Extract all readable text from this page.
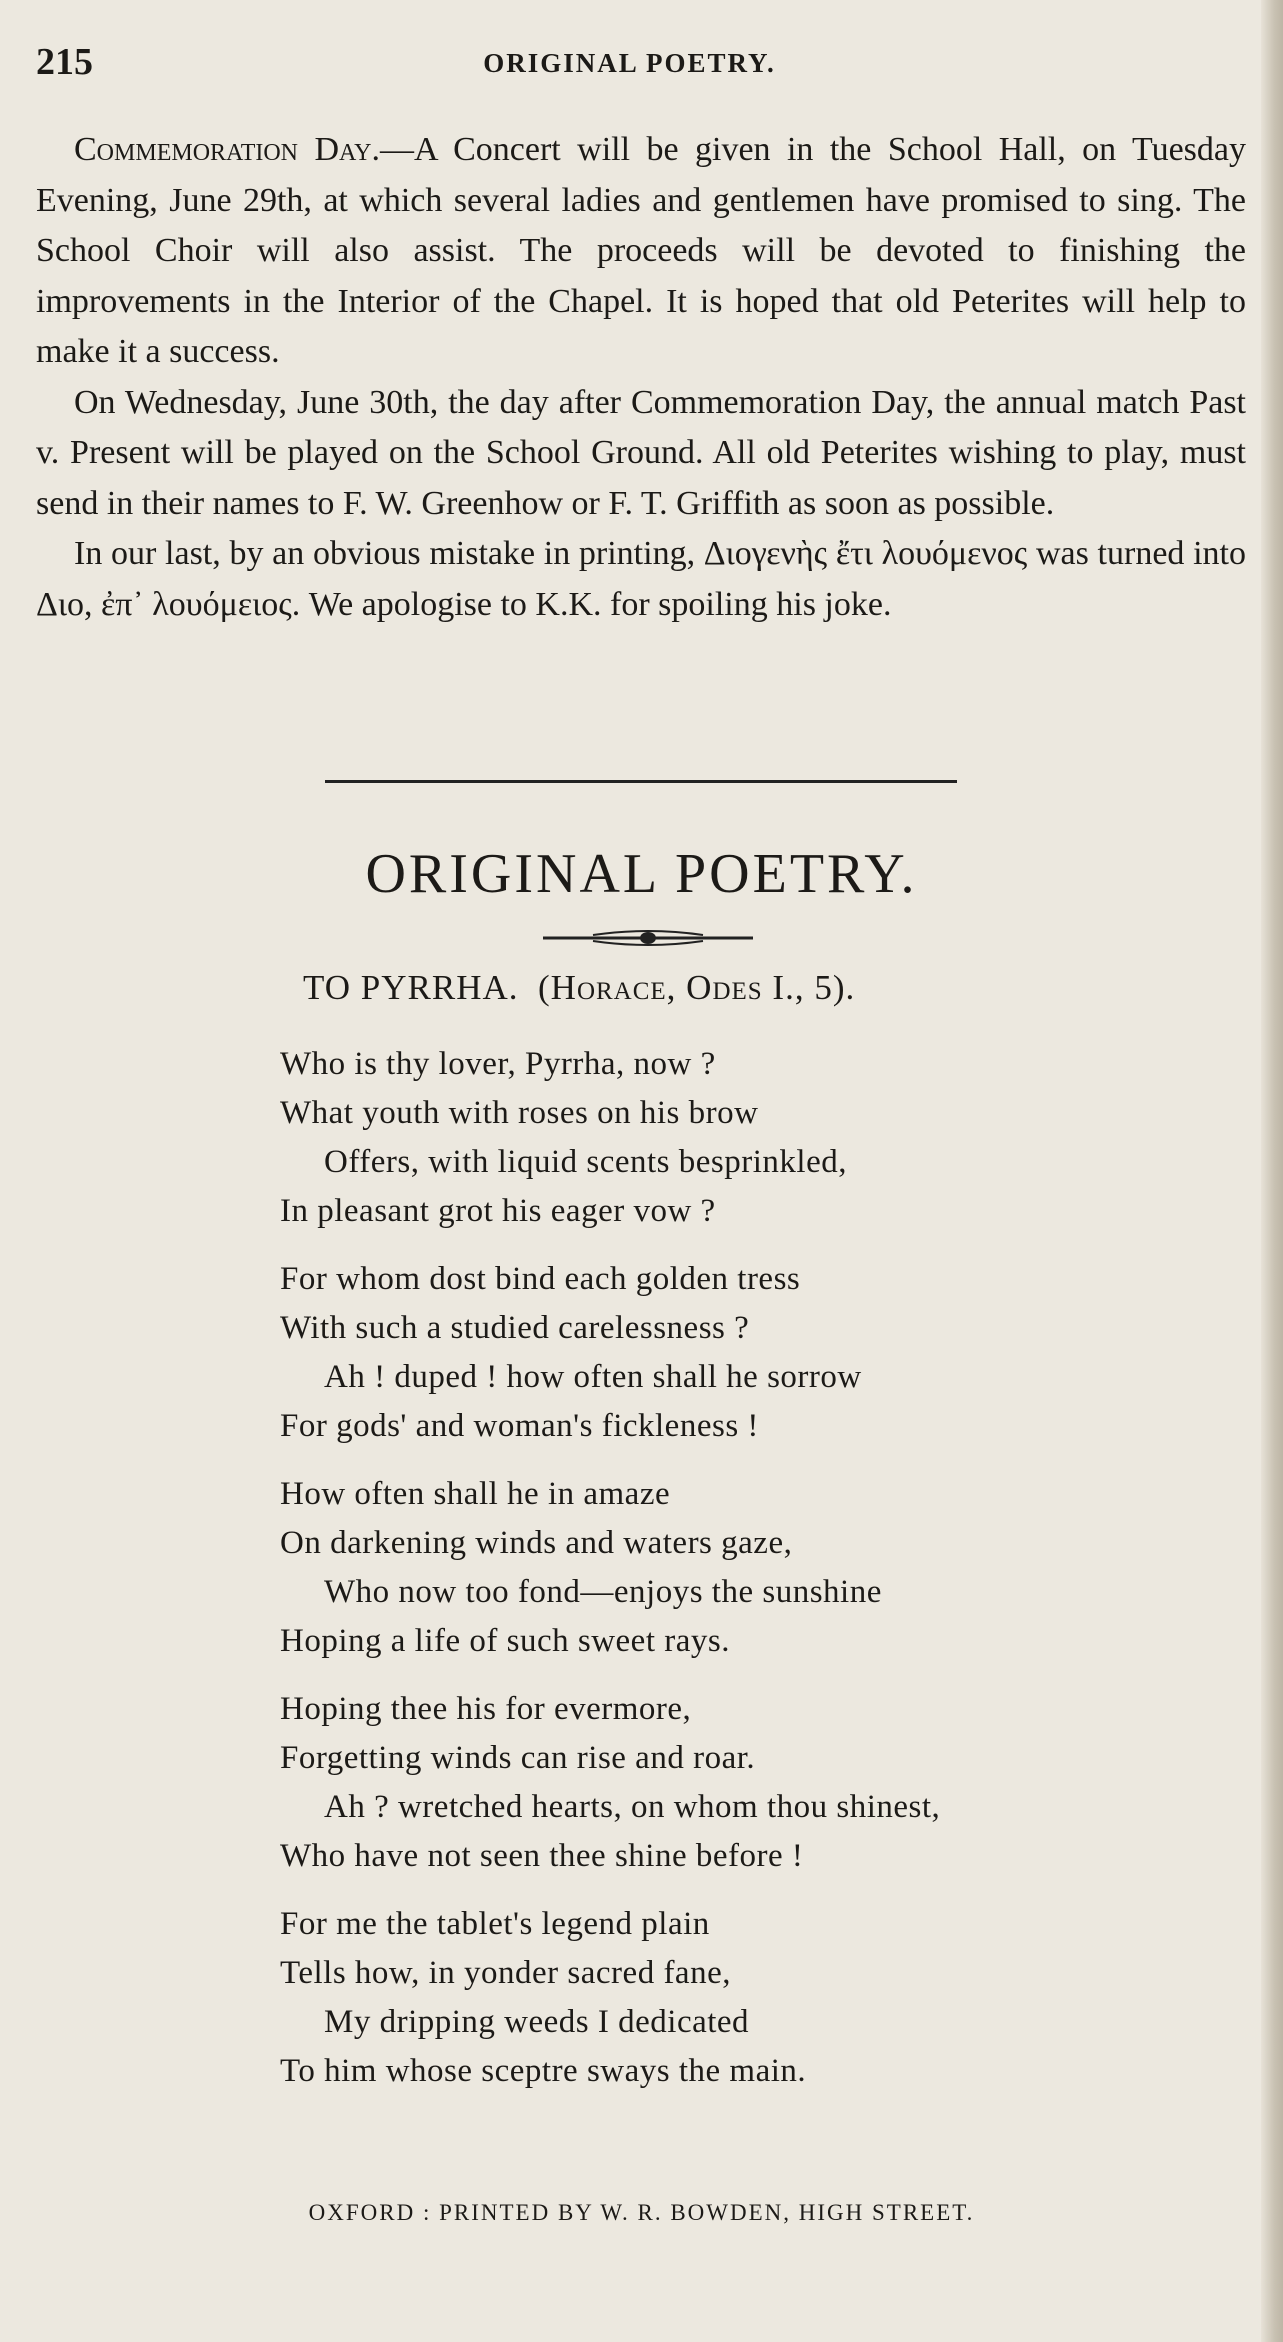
215	ORIGINAL POETRY.

Commemoration Day.—A Concert will be given in the School Hall, on Tuesday Evening, June 29th, at which several ladies and gentlemen have promised to sing. The School Choir will also assist. The proceeds will be devoted to finishing the improvements in the Interior of the Chapel. It is hoped that old Peterites will help to make it a success.

On Wednesday, June 30th, the day after Commemoration Day, the annual match Past v. Present will be played on the School Ground. All old Peterites wishing to play, must send in their names to F. W. Greenhow or F. T. Griffith as soon as possible.

In our last, by an obvious mistake in printing, Διογενὴς ἔτι λουόμενος was turned into Διο, ἐπ᾽ λουόμειος. We apologise to K.K. for spoiling his joke.

ORIGINAL POETRY.
TO PYRRHA. (Horace, Odes I., 5).
Who is thy lover, Pyrrha, now ?
What youth with roses on his brow
Offers, with liquid scents besprinkled,
In pleasant grot his eager vow ?
For whom dost bind each golden tress
With such a studied carelessness ?
Ah ! duped ! how often shall he sorrow
For gods' and woman's fickleness !
How often shall he in amaze
On darkening winds and waters gaze,
Who now too fond—enjoys the sunshine
Hoping a life of such sweet rays.
Hoping thee his for evermore,
Forgetting winds can rise and roar.
Ah ? wretched hearts, on whom thou shinest,
Who have not seen thee shine before !
For me the tablet's legend plain
Tells how, in yonder sacred fane,
My dripping weeds I dedicated
To him whose sceptre sways the main.
OXFORD : PRINTED BY W. R. BOWDEN, HIGH STREET.
